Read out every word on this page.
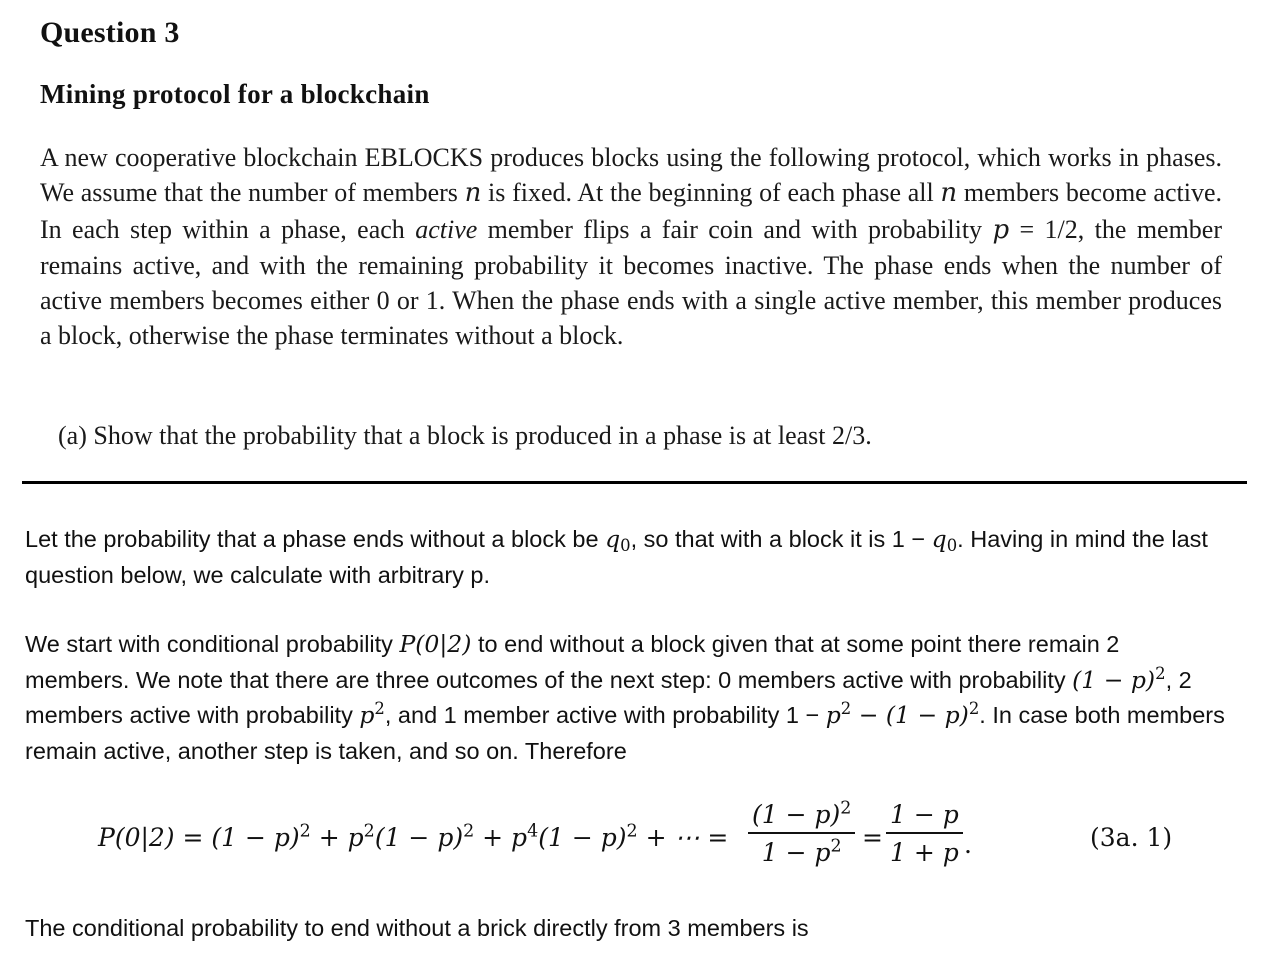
Question 3
Mining protocol for a blockchain
A new cooperative blockchain EBLOCKS produces blocks using the following protocol, which works in phases. We assume that the number of members n is fixed. At the beginning of each phase all n members become active. In each step within a phase, each active member flips a fair coin and with probability p = 1/2, the member remains active, and with the remaining probability it becomes inactive. The phase ends when the number of active members becomes either 0 or 1. When the phase ends with a single active member, this member produces a block, otherwise the phase terminates without a block.
(a) Show that the probability that a block is produced in a phase is at least 2/3.
Let the probability that a phase ends without a block be $q_0$, so that with a block it is $1 - q_0$. Having in mind the last question below, we calculate with arbitrary p.
We start with conditional probability P(0|2) to end without a block given that at some point there remain 2 members. We note that there are three outcomes of the next step: 0 members active with probability $(1 - p)^2$, 2 members active with probability $p^2$, and 1 member active with probability $1 - p^2 - (1 - p)^2$. In case both members remain active, another step is taken, and so on. Therefore
$P(0|2) = (1 - p)^2 + p^2(1 - p)^2 + p^4(1 - p)^2$ + ⋯ =
$(1 - p)^2$
$1 - p^2$ =
1 − p
1 + p .	(3a. 1)
The conditional probability to end without a brick directly from 3 members is
